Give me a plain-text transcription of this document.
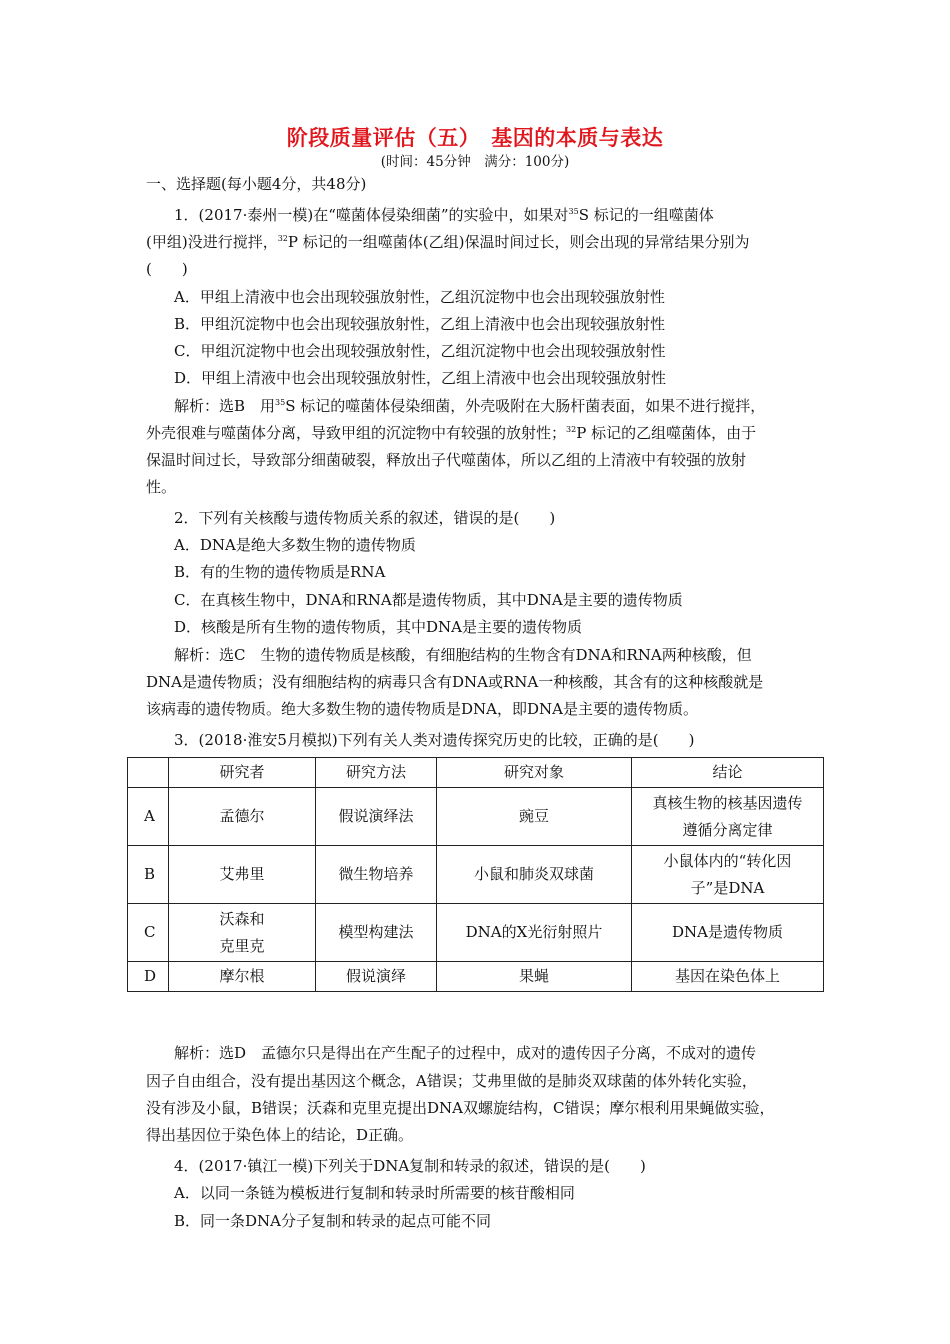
阶段质量评估（五）　基因的本质与表达
(时间：45分钟　满分：100分)
一、选择题(每小题4分，共48分)
1．(2017·泰州一模)在“噬菌体侵染细菌”的实验中，如果对$^{35}$S 标记的一组噬菌体
(甲组)没进行搅拌，$^{32}$P 标记的一组噬菌体(乙组)保温时间过长，则会出现的异常结果分别为
(　　)
A．甲组上清液中也会出现较强放射性，乙组沉淀物中也会出现较强放射性
B．甲组沉淀物中也会出现较强放射性，乙组上清液中也会出现较强放射性
C．甲组沉淀物中也会出现较强放射性，乙组沉淀物中也会出现较强放射性
D．甲组上清液中也会出现较强放射性，乙组上清液中也会出现较强放射性
解析：选B　用$^{35}$S 标记的噬菌体侵染细菌，外壳吸附在大肠杆菌表面，如果不进行搅拌，
外壳很难与噬菌体分离，导致甲组的沉淀物中有较强的放射性；$^{32}$P 标记的乙组噬菌体，由于
保温时间过长，导致部分细菌破裂，释放出子代噬菌体，所以乙组的上清液中有较强的放射
性。
2．下列有关核酸与遗传物质关系的叙述，错误的是(　　)
A．DNA是绝大多数生物的遗传物质
B．有的生物的遗传物质是RNA
C．在真核生物中，DNA和RNA都是遗传物质，其中DNA是主要的遗传物质
D．核酸是所有生物的遗传物质，其中DNA是主要的遗传物质
解析：选C　生物的遗传物质是核酸，有细胞结构的生物含有DNA和RNA两种核酸，但
DNA是遗传物质；没有细胞结构的病毒只含有DNA或RNA一种核酸，其含有的这种核酸就是
该病毒的遗传物质。绝大多数生物的遗传物质是DNA，即DNA是主要的遗传物质。
3．(2018·淮安5月模拟)下列有关人类对遗传探究历史的比较，正确的是(　　)
	研究者	研究方法	研究对象	结论
A	孟德尔	假说演绎法	豌豆	真核生物的核基因遗传
遵循分离定律

B	艾弗里	微生物培养	小鼠和肺炎双球菌	小鼠体内的“转化因
子”是DNA

C	沃森和
克里克	模型构建法	DNA的X光衍射照片	DNA是遗传物质
D	摩尔根	假说演绎	果蝇	基因在染色体上
解析：选D　孟德尔只是得出在产生配子的过程中，成对的遗传因子分离，不成对的遗传
因子自由组合，没有提出基因这个概念，A错误；艾弗里做的是肺炎双球菌的体外转化实验，
没有涉及小鼠，B错误；沃森和克里克提出DNA双螺旋结构，C错误；摩尔根利用果蝇做实验，
得出基因位于染色体上的结论，D正确。
4．(2017·镇江一模)下列关于DNA复制和转录的叙述，错误的是(　　)
A．以同一条链为模板进行复制和转录时所需要的核苷酸相同
B．同一条DNA分子复制和转录的起点可能不同
